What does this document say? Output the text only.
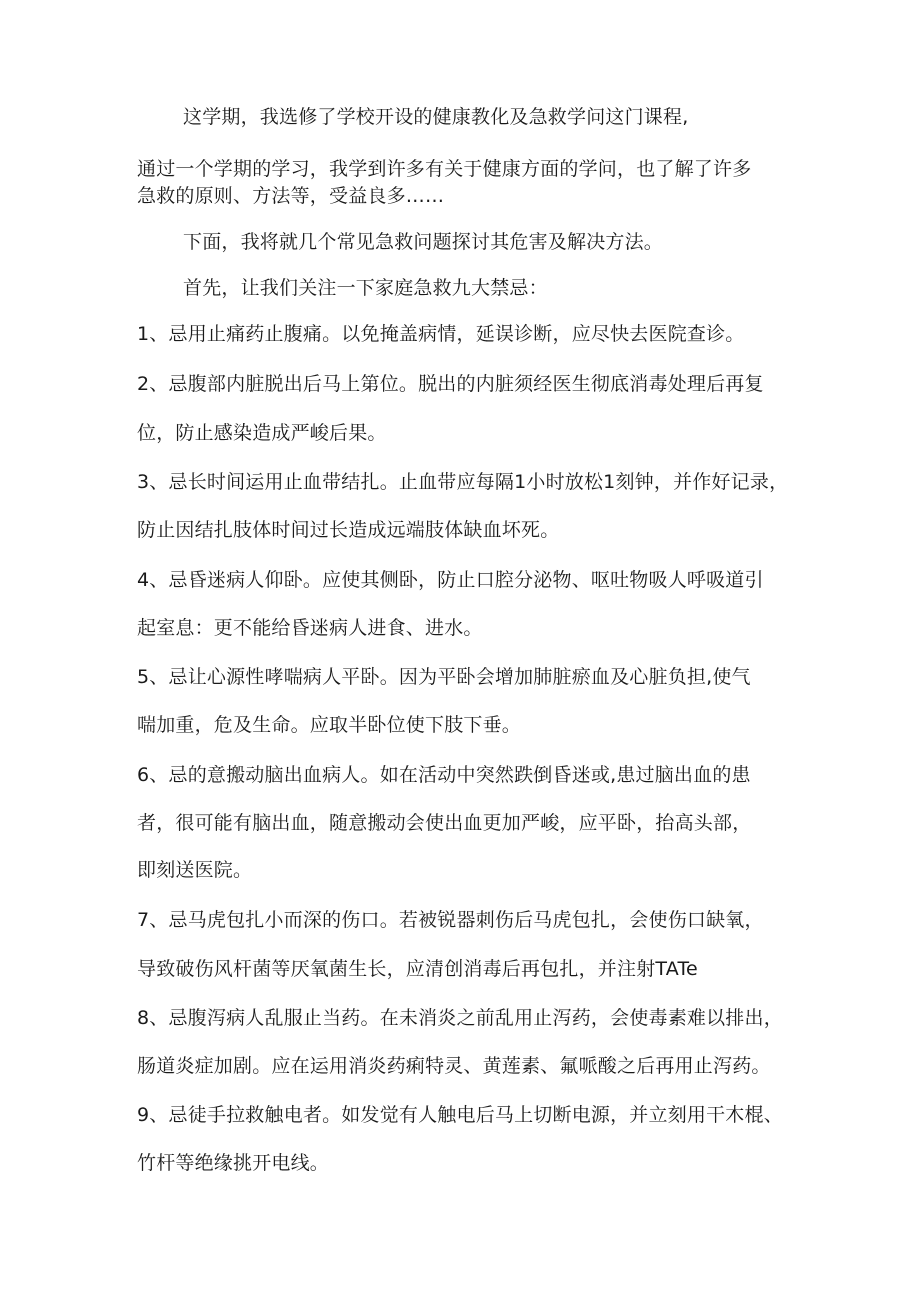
这学期，我选修了学校开设的健康教化及急救学问这门课程,

通过一个学期的学习，我学到许多有关于健康方面的学问，也了解了许多

急救的原则、方法等，受益良多……

下面，我将就几个常见急救问题探讨其危害及解决方法。

首先，让我们关注一下家庭急救九大禁忌：

1、忌用止痛药止腹痛。以免掩盖病情，延误诊断，应尽快去医院查诊。

2、忌腹部内脏脱出后马上第位。脱出的内脏须经医生彻底消毒处理后再复

位，防止感染造成严峻后果。

3、忌长时间运用止血带结扎。止血带应每隔1小时放松1刻钟，并作好记录，

防止因结扎肢体时间过长造成远端肢体缺血坏死。

4、忌昏迷病人仰卧。应使其侧卧，防止口腔分泌物、呕吐物吸人呼吸道引

起室息：更不能给昏迷病人进食、进水。

5、忌让心源性哮喘病人平卧。因为平卧会增加肺脏瘀血及心脏负担,使气

喘加重，危及生命。应取半卧位使下肢下垂。

6、忌的意搬动脑出血病人。如在活动中突然跌倒昏迷或,患过脑出血的患

者，很可能有脑出血，随意搬动会使出血更加严峻，应平卧，抬高头部，

即刻送医院。

7、忌马虎包扎小而深的伤口。若被锐器刺伤后马虎包扎，会使伤口缺氧，

导致破伤风杆菌等厌氧菌生长，应清创消毒后再包扎，并注射TATe

8、忌腹泻病人乱服止当药。在未消炎之前乱用止泻药，会使毒素难以排出，

肠道炎症加剧。应在运用消炎药痢特灵、黄莲素、氟哌酸之后再用止泻药。

9、忌徒手拉救触电者。如发觉有人触电后马上切断电源，并立刻用干木棍、

竹杆等绝缘挑开电线。
